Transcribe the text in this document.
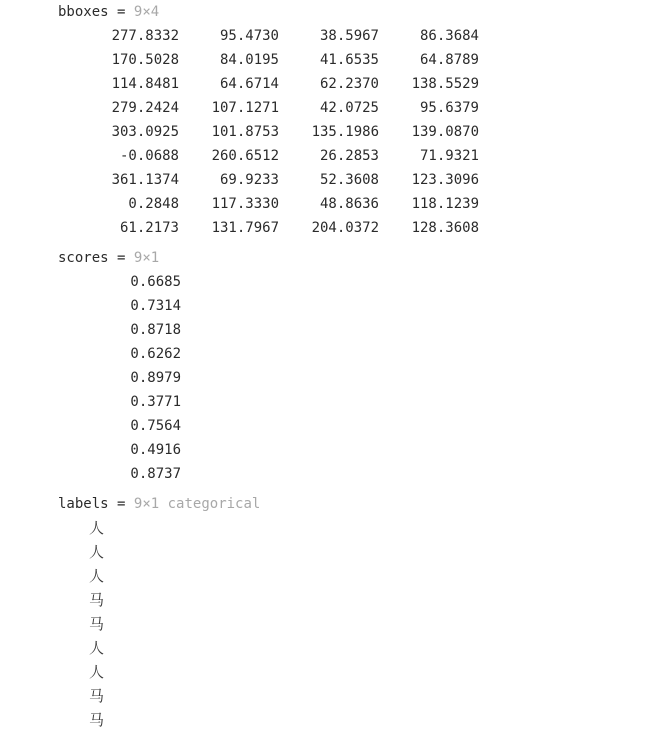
bboxes = 9×4
277.8332	95.4730	38.5967	86.3684
170.5028	84.0195	41.6535	64.8789
114.8481	64.6714	62.2370 138.5529
279.2424 107.1271	42.0725	95.6379
303.0925 101.8753 135.1986 139.0870
-0.0688 260.6512	26.2853	71.9321
361.1374	69.9233	52.3608 123.3096
0.2848 117.3330	48.8636 118.1239
61.2173 131.7967 204.0372 128.3608
scores = 9×1
0.6685
0.7314
0.8718
0.6262
0.8979
0.3771
0.7564
0.4916
0.8737
labels = 9×1 categorical
人
人
人
马
马
人
人
马
马
